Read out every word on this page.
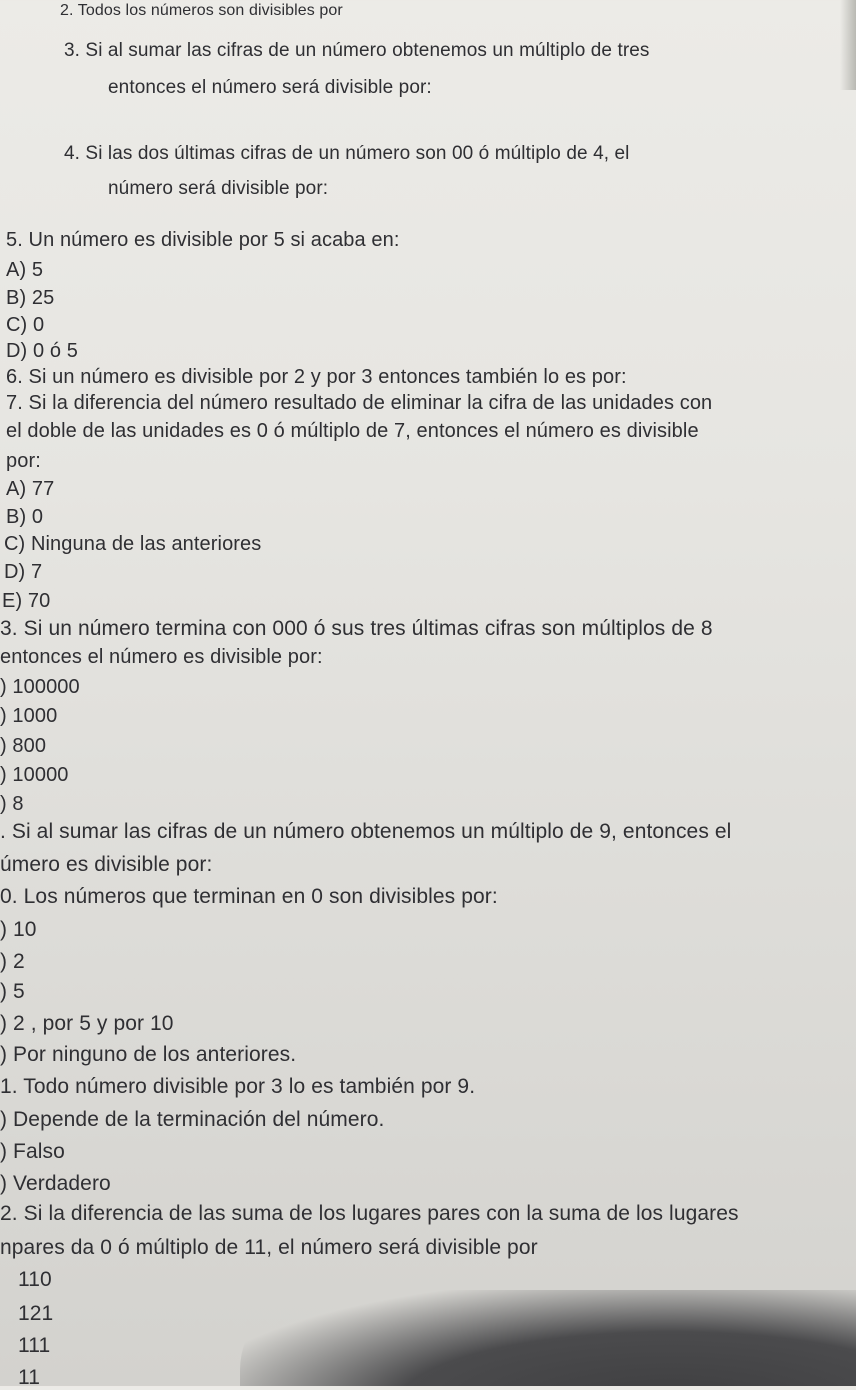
2. Todos los números son divisibles por
3. Si al sumar las cifras de un número obtenemos un múltiplo de tres
entonces el número será divisible por:
4. Si las dos últimas cifras de un número son 00 ó múltiplo de 4, el
número será divisible por:
5. Un número es divisible por 5 si acaba en:
A) 5
B) 25
C) 0
D) 0 ó 5
6. Si un número es divisible por 2 y por 3 entonces también lo es por:
7. Si la diferencia del número resultado de eliminar la cifra de las unidades con
el doble de las unidades es 0 ó múltiplo de 7, entonces el número es divisible
por:
A) 77
B) 0
C) Ninguna de las anteriores
D) 7
E) 70
3. Si un número termina con 000 ó sus tres últimas cifras son múltiplos de 8
entonces el número es divisible por:
) 100000
) 1000
) 800
) 10000
) 8
. Si al sumar las cifras de un número obtenemos un múltiplo de 9, entonces el
úmero es divisible por:
0. Los números que terminan en 0 son divisibles por:
) 10
) 2
) 5
) 2 , por 5 y por 10
) Por ninguno de los anteriores.
1. Todo número divisible por 3 lo es también por 9.
) Depende de la terminación del número.
) Falso
) Verdadero
2. Si la diferencia de las suma de los lugares pares con la suma de los lugares
npares da 0 ó múltiplo de 11, el número será divisible por
110
121
111
11
